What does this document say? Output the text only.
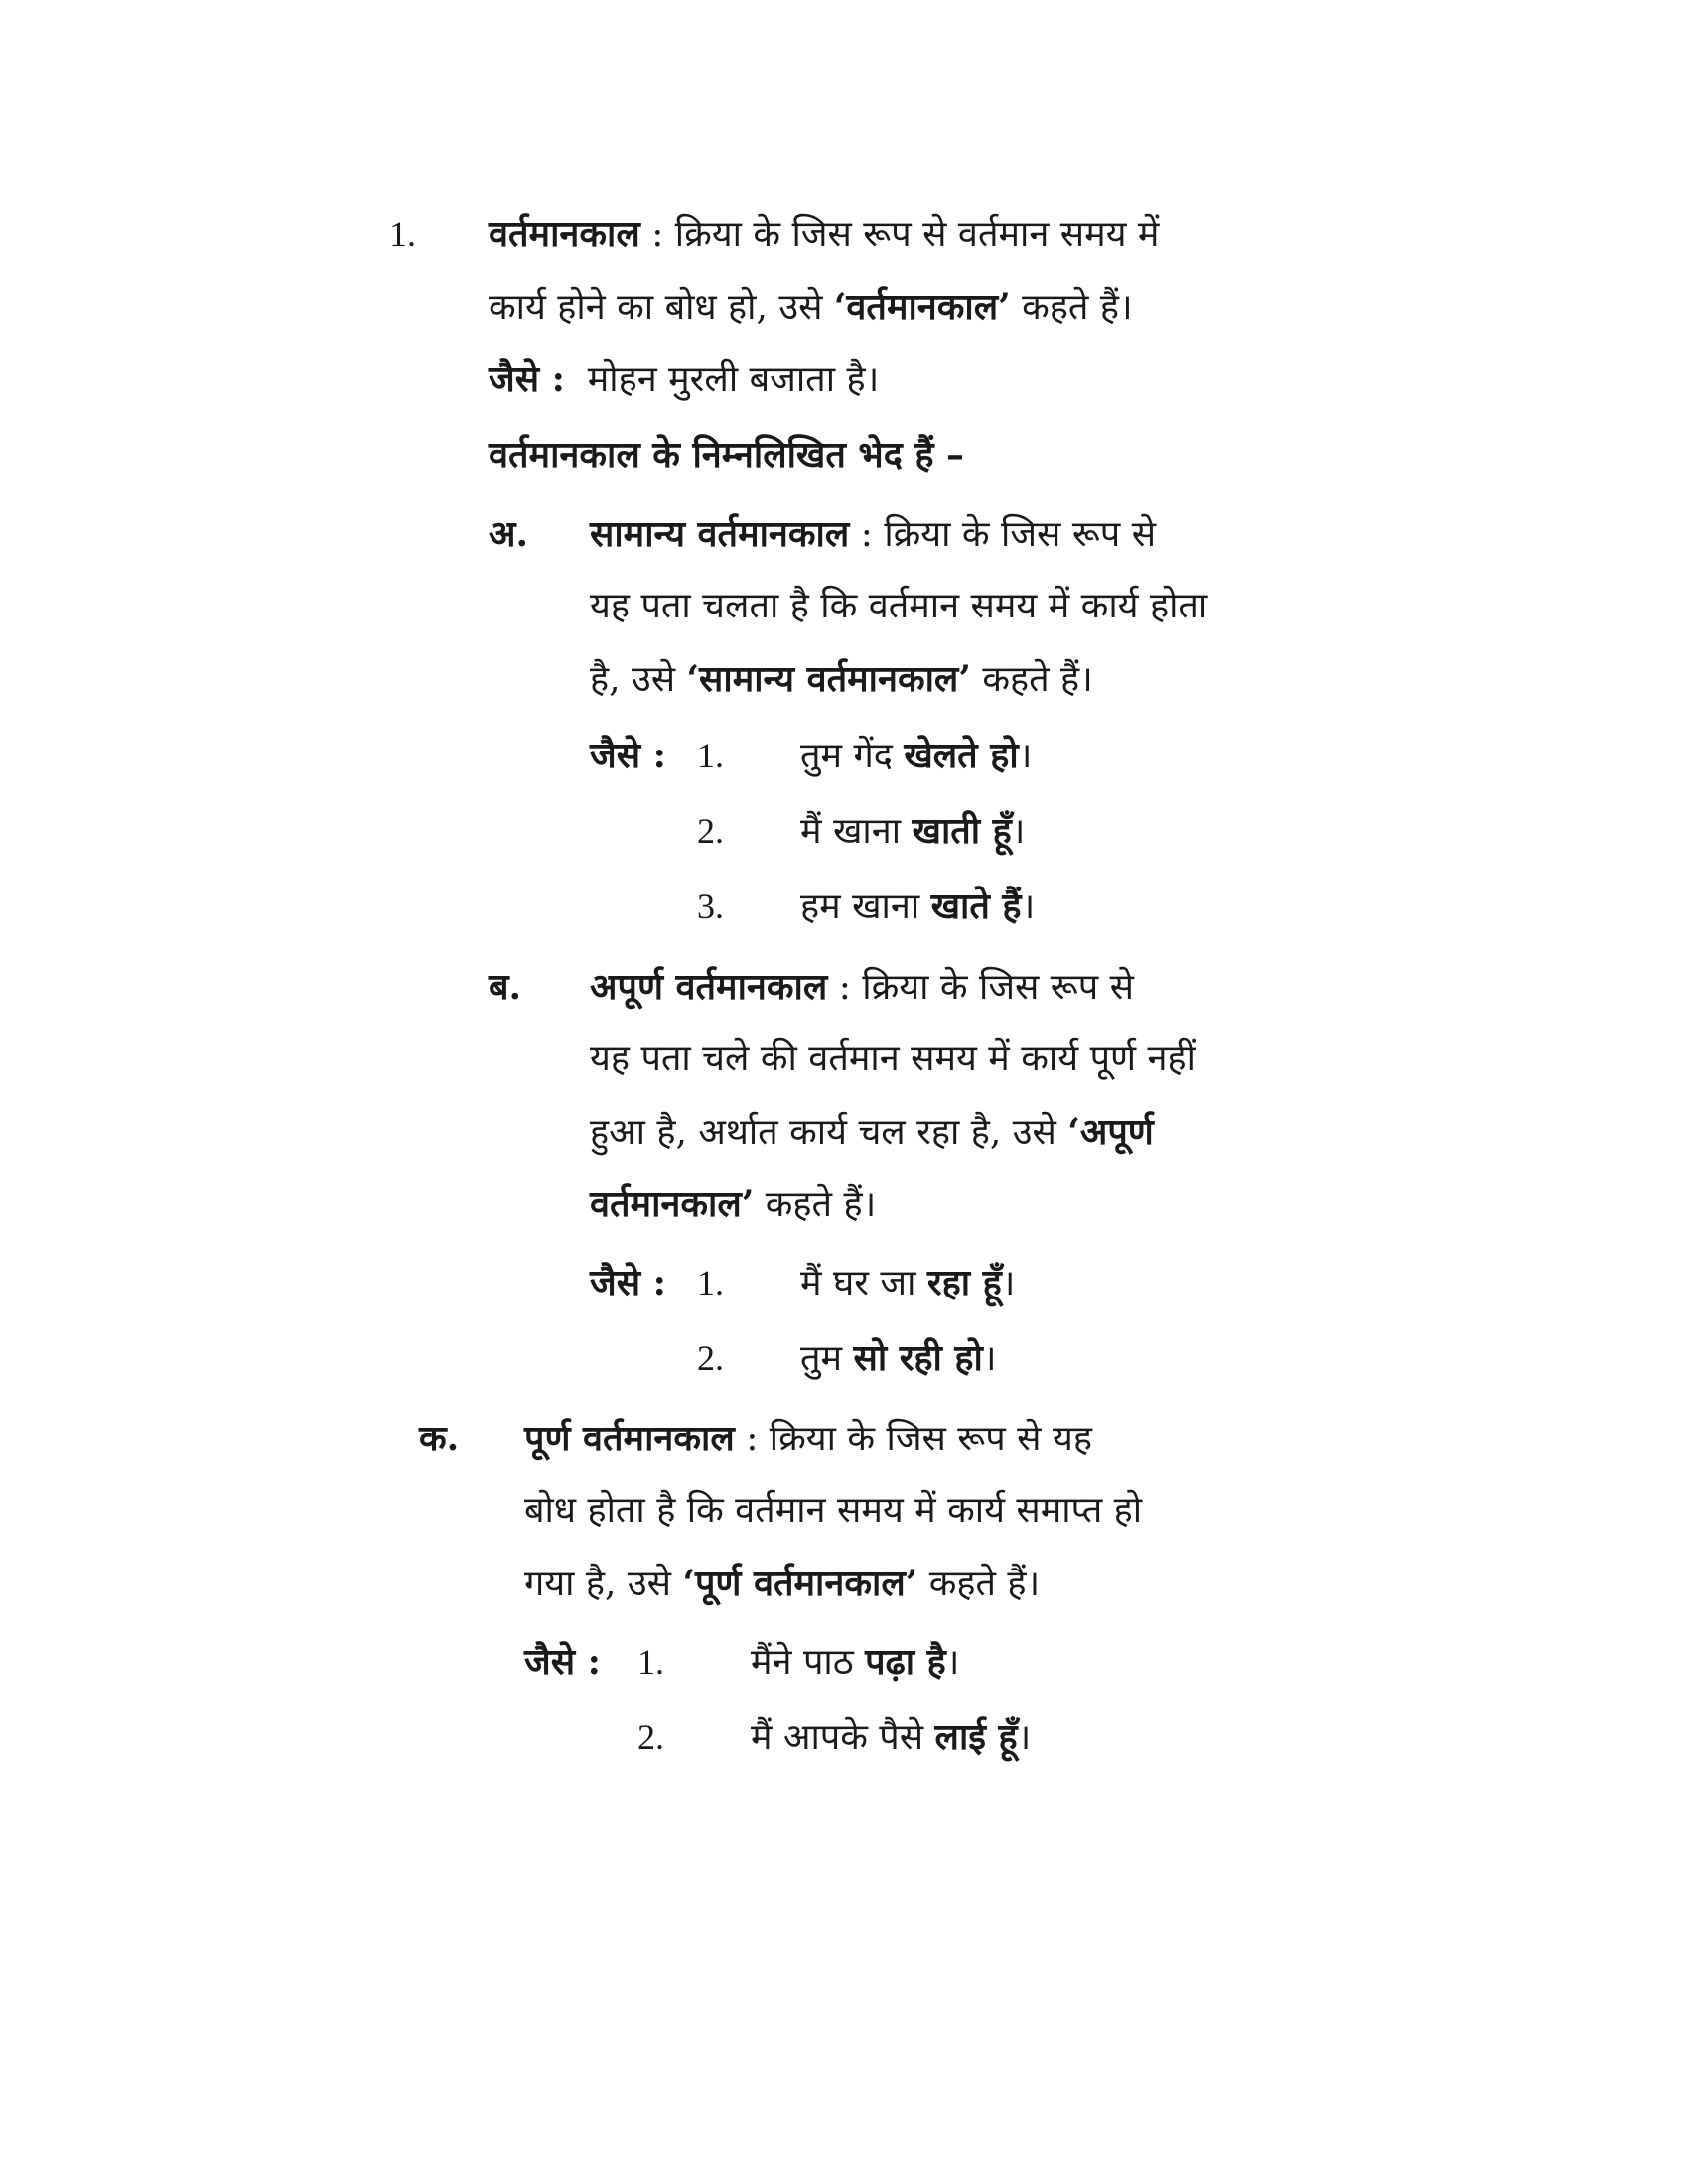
1. वर्तमानकाल : क्रिया के जिस रूप से वर्तमान समय में
कार्य होने का बोध हो, उसे ‘वर्तमानकाल’ कहते हैं।
जैसे : मोहन मुरली बजाता है।
वर्तमानकाल के निम्नलिखित भेद हैं –
अ. सामान्य वर्तमानकाल : क्रिया के जिस रूप से
यह पता चलता है कि वर्तमान समय में कार्य होता
है, उसे ‘सामान्य वर्तमानकाल’ कहते हैं।
जैसे : 1. तुम गेंद खेलते हो।
2. मैं खाना खाती हूँ।
3. हम खाना खाते हैं।
ब. अपूर्ण वर्तमानकाल : क्रिया के जिस रूप से
यह पता चले की वर्तमान समय में कार्य पूर्ण नहीं
हुआ है, अर्थात कार्य चल रहा है, उसे ‘अपूर्ण
वर्तमानकाल’ कहते हैं।
जैसे : 1. मैं घर जा रहा हूँ।
2. तुम सो रही हो।
क. पूर्ण वर्तमानकाल : क्रिया के जिस रूप से यह
बोध होता है कि वर्तमान समय में कार्य समाप्त हो
गया है, उसे ‘पूर्ण वर्तमानकाल’ कहते हैं।
जैसे : 1. मैंने पाठ पढ़ा है।
2. मैं आपके पैसे लाई हूँ।
